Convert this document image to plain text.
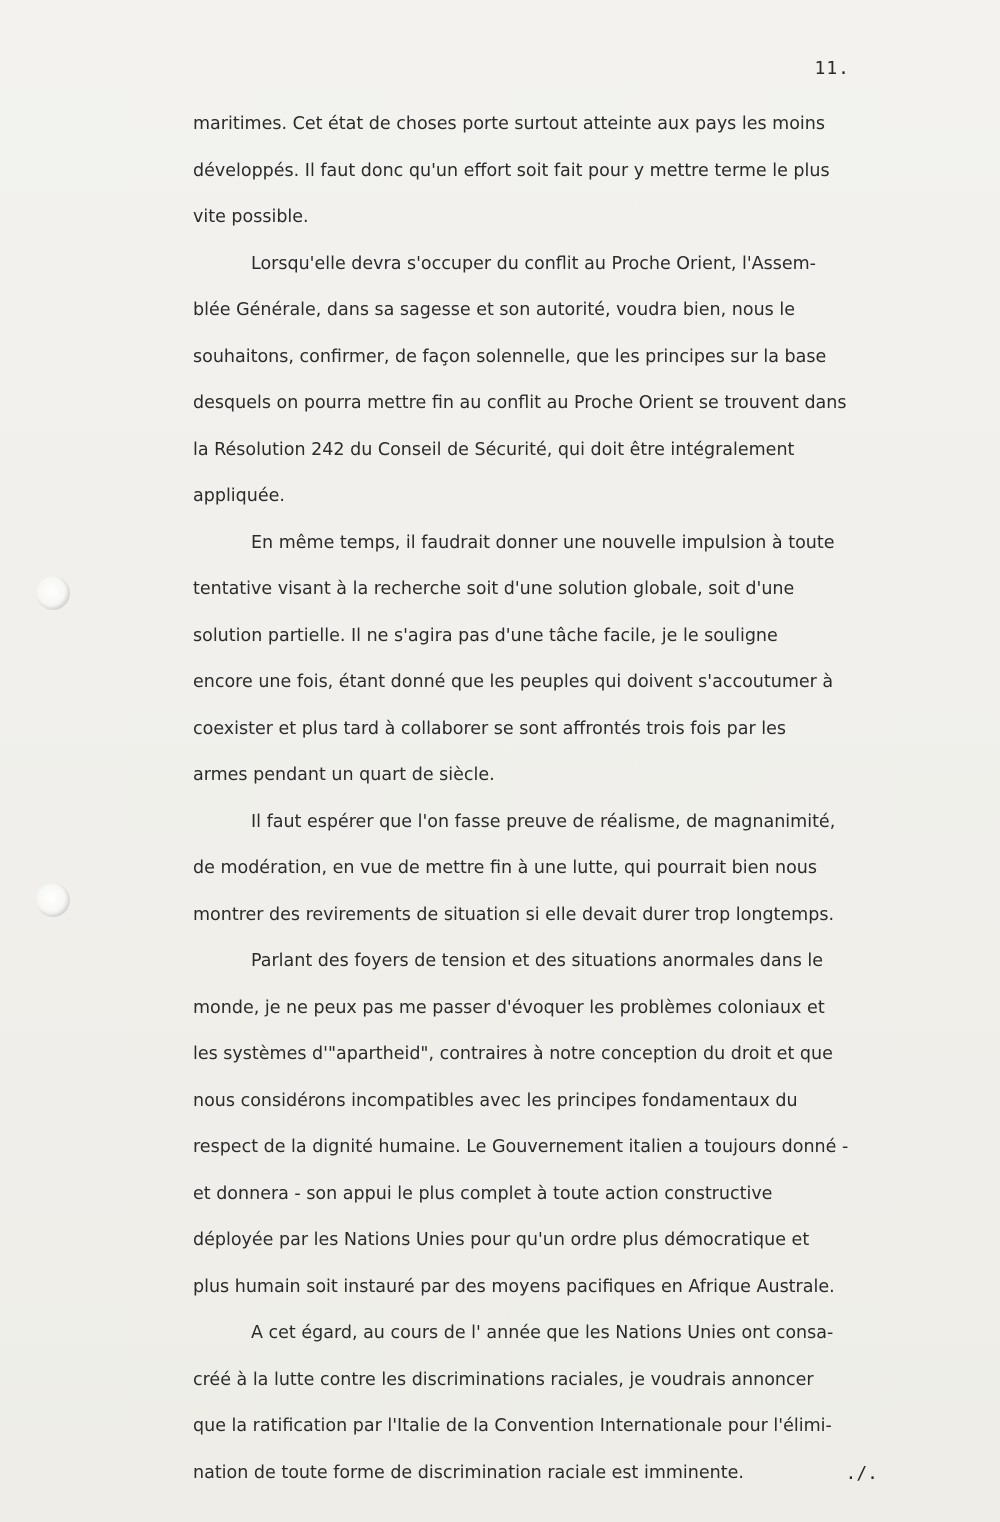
11.
maritimes. Cet état de choses porte surtout atteinte aux pays les moins
développés. Il faut donc qu'un effort soit fait pour y mettre terme le plus
vite possible.
Lorsqu'elle devra s'occuper du conflit au Proche Orient, l'Assem-
blée Générale, dans sa sagesse et son autorité, voudra bien, nous le
souhaitons, confirmer, de façon solennelle, que les principes sur la base
desquels on pourra mettre fin au conflit au Proche Orient se trouvent dans
la Résolution 242 du Conseil de Sécurité, qui doit être intégralement
appliquée.
En même temps, il faudrait donner une nouvelle impulsion à toute
tentative visant à la recherche soit d'une solution globale, soit d'une
solution partielle. Il ne s'agira pas d'une tâche facile, je le souligne
encore une fois, étant donné que les peuples qui doivent s'accoutumer à
coexister et plus tard à collaborer se sont affrontés trois fois par les
armes pendant un quart de siècle.
Il faut espérer que l'on fasse preuve de réalisme, de magnanimité,
de modération, en vue de mettre fin à une lutte, qui pourrait bien nous
montrer des revirements de situation si elle devait durer trop longtemps.
Parlant des foyers de tension et des situations anormales dans le
monde, je ne peux pas me passer d'évoquer les problèmes coloniaux et
les systèmes d'"apartheid", contraires à notre conception du droit et que
nous considérons incompatibles avec les principes fondamentaux du
respect de la dignité humaine. Le Gouvernement italien a toujours donné -
et donnera - son appui le plus complet à toute action constructive
déployée par les Nations Unies pour qu'un ordre plus démocratique et
plus humain soit instauré par des moyens pacifiques en Afrique Australe.
A cet égard, au cours de l' année que les Nations Unies ont consa-
créé à la lutte contre les discriminations raciales, je voudrais annoncer
que la ratification par l'Italie de la Convention Internationale pour l'élimi-
nation de toute forme de discrimination raciale est imminente.	./.
